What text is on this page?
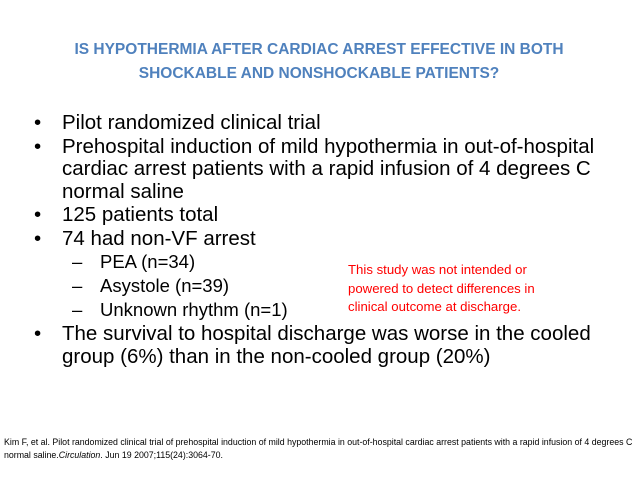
IS HYPOTHERMIA AFTER CARDIAC ARREST EFFECTIVE IN BOTH
SHOCKABLE AND NONSHOCKABLE PATIENTS?
•	Pilot randomized clinical trial
•	Prehospital induction of mild hypothermia in out-of-hospital cardiac arrest patients with a rapid infusion of 4 degrees C normal saline
•	125 patients total
•	74 had non-VF arrest
– PEA (n=34)
– Asystole (n=39)
– Unknown rhythm (n=1)
•	The survival to hospital discharge was worse in the cooled group (6%) than in the non-cooled group (20%)
This study was not intended or
powered to detect differences in
clinical outcome at discharge.
Kim F, et al. Pilot randomized clinical trial of prehospital induction of mild hypothermia in out-of-hospital cardiac arrest patients with a rapid infusion of 4 degrees C normal saline.Circulation. Jun 19 2007;115(24):3064-70.
